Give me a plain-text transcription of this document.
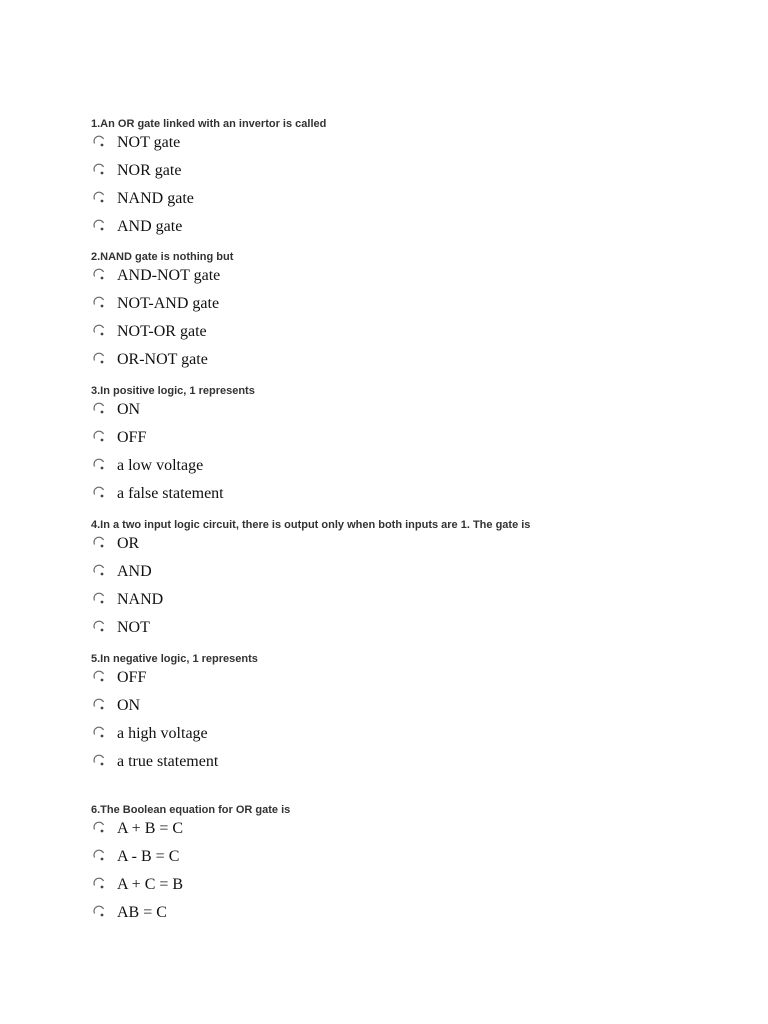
1.An OR gate linked with an invertor is called

NOT gate
NOR gate
NAND gate
AND gate

2.NAND gate is nothing but

AND-NOT gate
NOT-AND gate
NOT-OR gate
OR-NOT gate

3.In positive logic, 1 represents

ON
OFF
a low voltage
a false statement

4.In a two input logic circuit, there is output only when both inputs are 1. The gate is

OR
AND
NAND
NOT

5.In negative logic, 1 represents

OFF
ON
a high voltage
a true statement

6.The Boolean equation for OR gate is

A + B = C
A - B = C
A + C = B
AB = C
